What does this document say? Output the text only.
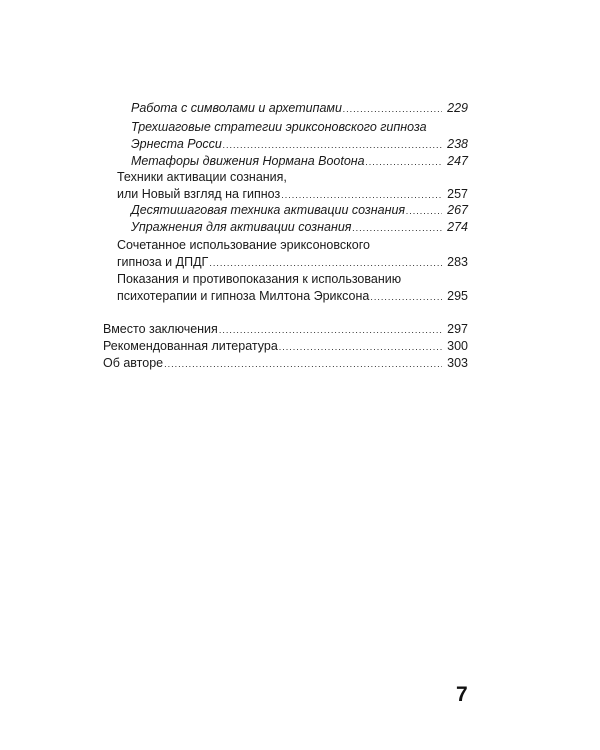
Работа с символами и архетипами .....	229
Трехшаговые стратегии эриксоновского гипноза
Эрнеста Росси .....	238
Метафоры движения Нормана Вootoна .....	247
Техники активации сознания,
или Новый взгляд на гипноз .....	257
Десятишаговая техника активации сознания .....	267
Упражнения для активации сознания .....	274
Сочетанное использование эриксоновского
гипноза и ДПДГ .....	283
Показания и противопоказания к использованию
психотерапии и гипноза Милтона Эриксона .....	295
Вместо заключения .....	297
Рекомендованная литература .....	300
Об авторе .....	303
7
